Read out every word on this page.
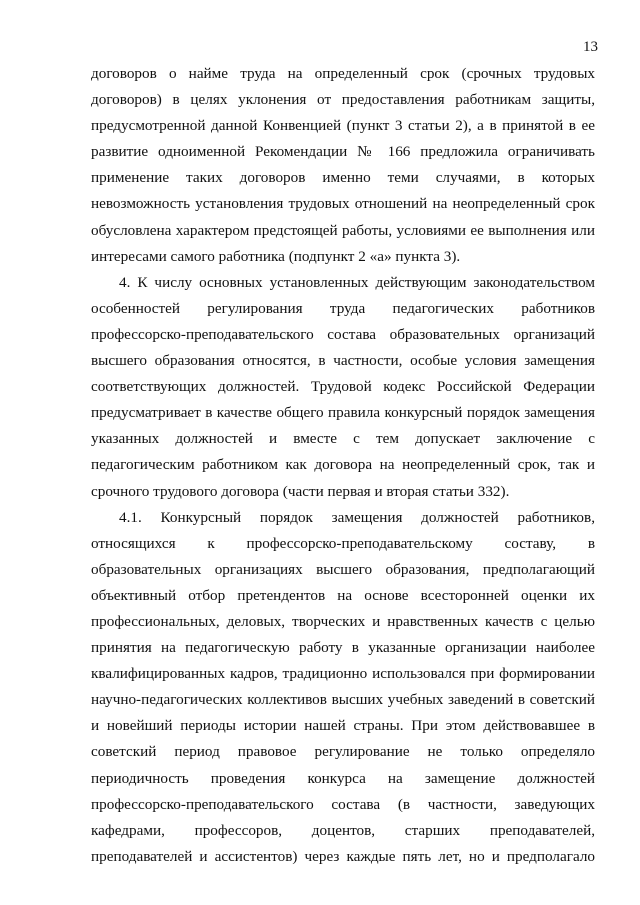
13
договоров о найме труда на определенный срок (срочных трудовых
договоров) в целях уклонения от предоставления работникам защиты,
предусмотренной данной Конвенцией (пункт 3 статьи 2), а в принятой в ее
развитие одноименной Рекомендации № 166 предложила ограничивать
применение таких договоров именно теми случаями, в которых
невозможность установления трудовых отношений на неопределенный срок
обусловлена характером предстоящей работы, условиями ее выполнения или
интересами самого работника (подпункт 2 «а» пункта 3).
4. К числу основных установленных действующим законодательством
особенностей регулирования труда педагогических работников
профессорско-преподавательского состава образовательных организаций
высшего образования относятся, в частности, особые условия замещения
соответствующих должностей. Трудовой кодекс Российской Федерации
предусматривает в качестве общего правила конкурсный порядок замещения
указанных должностей и вместе с тем допускает заключение с
педагогическим работником как договора на неопределенный срок, так и
срочного трудового договора (части первая и вторая статьи 332).
4.1. Конкурсный порядок замещения должностей работников,
относящихся к профессорско-преподавательскому составу, в
образовательных организациях высшего образования, предполагающий
объективный отбор претендентов на основе всесторонней оценки их
профессиональных, деловых, творческих и нравственных качеств с целью
принятия на педагогическую работу в указанные организации наиболее
квалифицированных кадров, традиционно использовался при формировании
научно-педагогических коллективов высших учебных заведений в советский
и новейший периоды истории нашей страны. При этом действовавшее в
советский период правовое регулирование не только определяло
периодичность проведения конкурса на замещение должностей
профессорско-преподавательского состава (в частности, заведующих
кафедрами, профессоров, доцентов, старших преподавателей,
преподавателей и ассистентов) через каждые пять лет, но и предполагало
